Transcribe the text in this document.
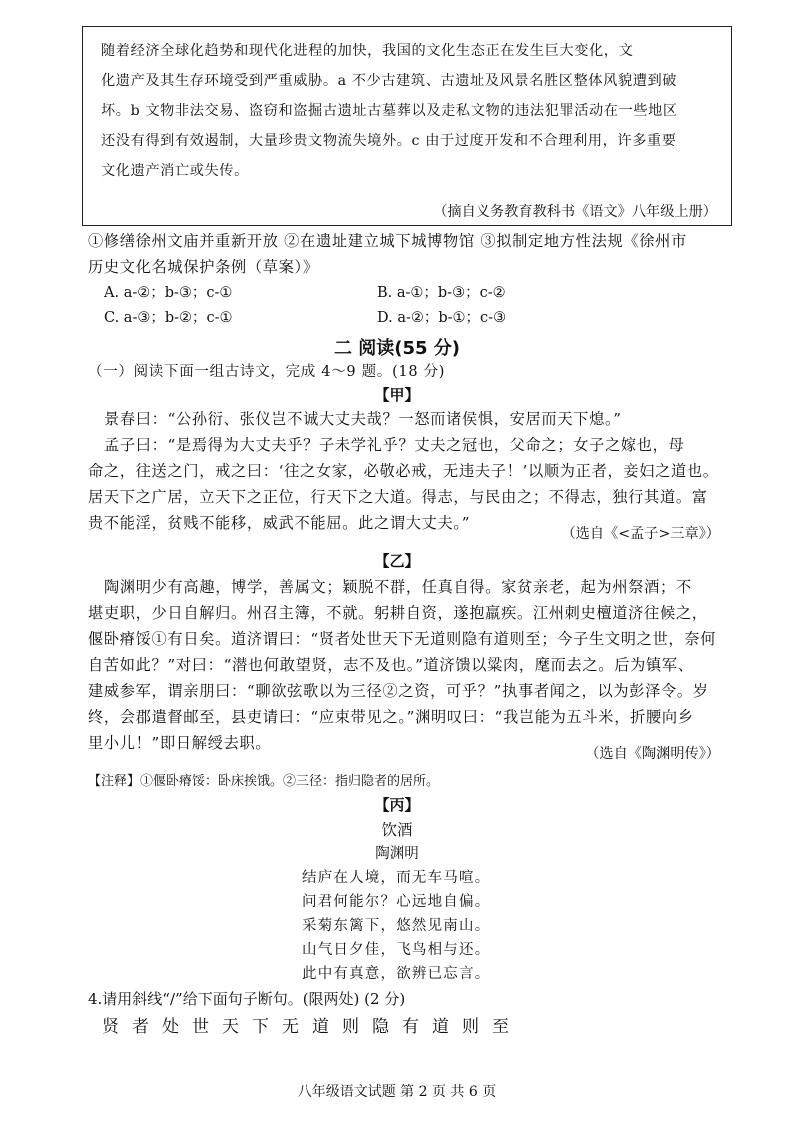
随着经济全球化趋势和现代化进程的加快，我国的文化生态正在发生巨大变化，文
化遗产及其生存环境受到严重威胁。a 不少古建筑、古遗址及风景名胜区整体风貌遭到破
坏。b 文物非法交易、盗窃和盗掘古遗址古墓葬以及走私文物的违法犯罪活动在一些地区
还没有得到有效遏制，大量珍贵文物流失境外。c 由于过度开发和不合理利用，许多重要
文化遗产消亡或失传。
（摘自义务教育教科书《语文》八年级上册）
①修缮徐州文庙并重新开放 ②在遗址建立城下城博物馆 ③拟制定地方性法规《徐州市
历史文化名城保护条例（草案）》
A. a-②；b-③；c-①	B. a-①；b-③；c-②
C. a-③；b-②；c-①	D. a-②；b-①；c-③
二 阅读(55 分)
（一）阅读下面一组古诗文，完成 4～9 题。(18 分)
【甲】
景春曰：“公孙衍、张仪岂不诚大丈夫哉？一怒而诸侯惧，安居而天下熄。”
孟子曰：“是焉得为大丈夫乎？子未学礼乎？丈夫之冠也，父命之；女子之嫁也，母
命之，往送之门，戒之曰：‘往之女家，必敬必戒，无违夫子！’以顺为正者，妾妇之道也。
居天下之广居，立天下之正位，行天下之大道。得志，与民由之；不得志，独行其道。富
贵不能淫，贫贱不能移，威武不能屈。此之谓大丈夫。”
（选自《<孟子>三章》）
【乙】
陶渊明少有高趣，博学，善属文；颖脱不群，任真自得。家贫亲老，起为州祭酒；不
堪吏职，少日自解归。州召主簿，不就。躬耕自资，遂抱羸疾。江州刺史檀道济往候之，
偃卧瘠馁①有日矣。道济谓曰：“贤者处世天下无道则隐有道则至；今子生文明之世，奈何
自苦如此？”对曰：“潜也何敢望贤，志不及也。”道济馈以粱肉，麾而去之。后为镇军、
建威参军，谓亲朋曰：“聊欲弦歌以为三径②之资，可乎？”执事者闻之，以为彭泽令。岁
终，会郡遣督邮至，县吏请曰：“应束带见之。”渊明叹曰：“我岂能为五斗米，折腰向乡
里小儿！”即日解绶去职。
（选自《陶渊明传》）
【注释】①偃卧瘠馁：卧床挨饿。②三径：指归隐者的居所。
【丙】
饮酒
陶渊明
结庐在人境，而无车马喧。
问君何能尔？心远地自偏。
采菊东篱下，悠然见南山。
山气日夕佳，飞鸟相与还。
此中有真意，欲辨已忘言。
4.请用斜线“/”给下面句子断句。(限两处) (2 分)
贤 者 处 世 天 下 无 道 则 隐 有 道 则 至
八年级语文试题 第 2 页 共 6 页
